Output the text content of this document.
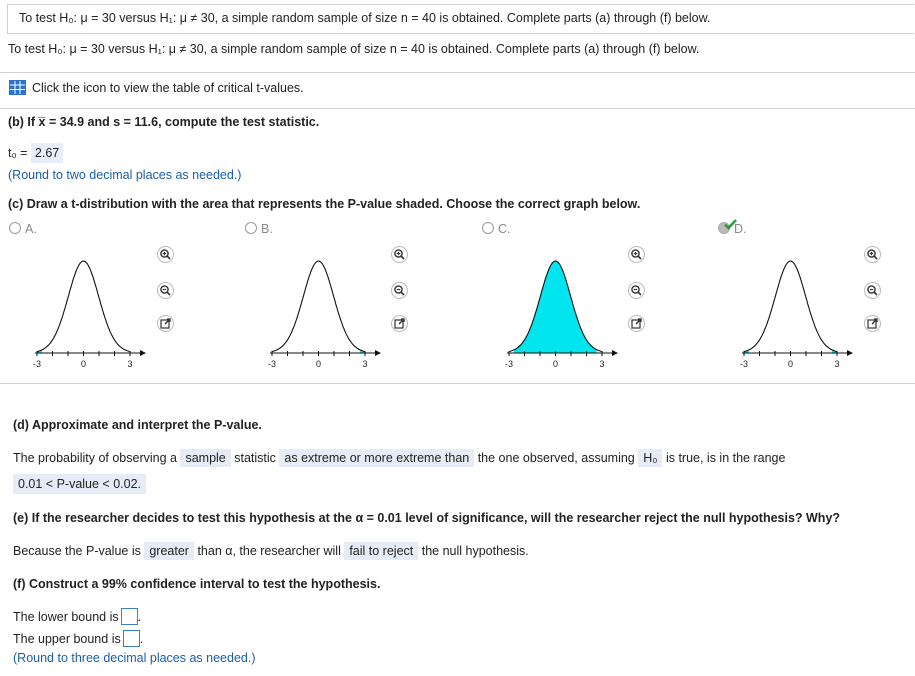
To test H₀: μ = 30 versus H₁: μ ≠ 30, a simple random sample of size n = 40 is obtained. Complete parts (a) through (f) below.
To test H₀: μ = 30 versus H₁: μ ≠ 30, a simple random sample of size n = 40 is obtained. Complete parts (a) through (f) below.
Click the icon to view the table of critical t-values.
(b) If x̅ = 34.9 and s = 11.6, compute the test statistic.
t₀ = 2.67
(Round to two decimal places as needed.)
(c) Draw a t-distribution with the area that represents the P-value shaded. Choose the correct graph below.
A.	B.	C.	D.
-3	0	3	-3	0	3	-3	0	3	-3	0	3
(d) Approximate and interpret the P-value.
The probability of observing a sample statistic as extreme or more extreme than the one observed, assuming H₀ is true, is in the range
0.01 < P-value < 0.02.
(e) If the researcher decides to test this hypothesis at the α = 0.01 level of significance, will the researcher reject the null hypothesis? Why?
Because the P-value is greater than α, the researcher will fail to reject the null hypothesis.
(f) Construct a 99% confidence interval to test the hypothesis.
The lower bound is .
The upper bound is .
(Round to three decimal places as needed.)
